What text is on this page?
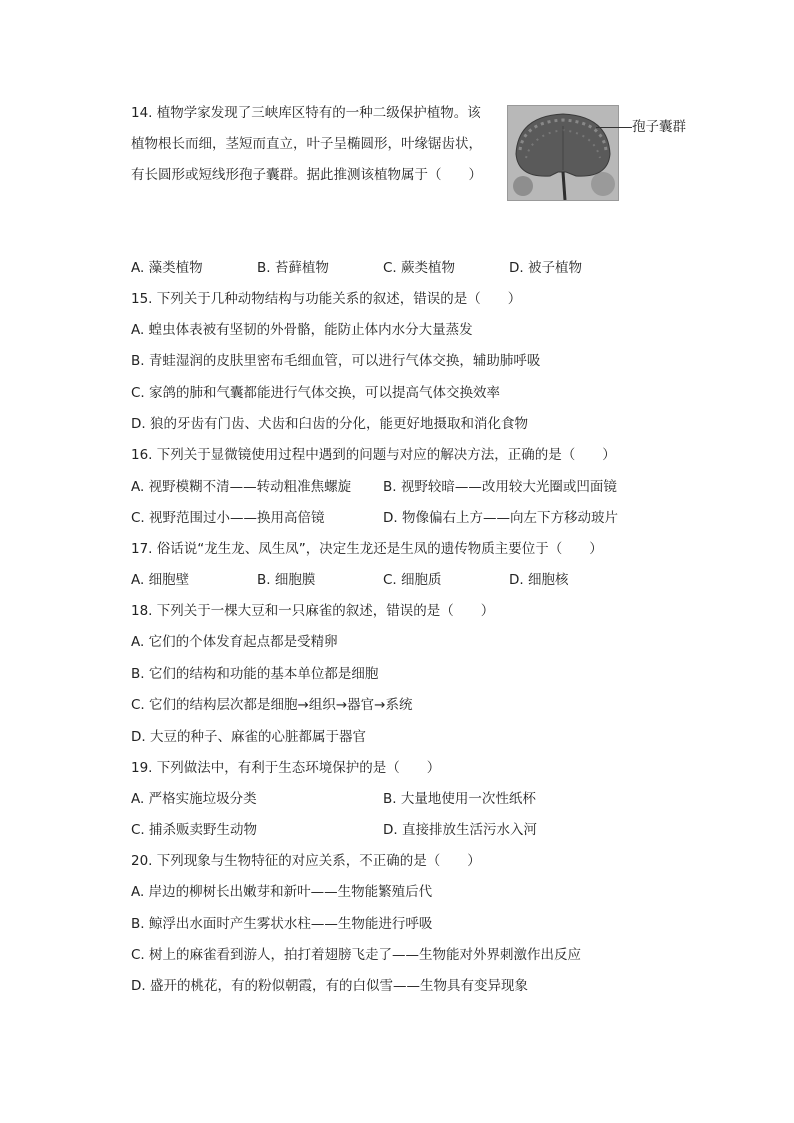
14. 植物学家发现了三峡库区特有的一种二级保护植物。该
植物根长而细，茎短而直立，叶子呈椭圆形，叶缘锯齿状，
有长圆形或短线形孢子囊群。据此推测该植物属于（　　）
孢子囊群
A. 藻类植物	B. 苔藓植物	C. 蕨类植物	D. 被子植物
15. 下列关于几种动物结构与功能关系的叙述，错误的是（　　）
A. 蝗虫体表被有坚韧的外骨骼，能防止体内水分大量蒸发
B. 青蛙湿润的皮肤里密布毛细血管，可以进行气体交换，辅助肺呼吸
C. 家鸽的肺和气囊都能进行气体交换，可以提高气体交换效率
D. 狼的牙齿有门齿、犬齿和臼齿的分化，能更好地摄取和消化食物
16. 下列关于显微镜使用过程中遇到的问题与对应的解决方法，正确的是（　　）
A. 视野模糊不清——转动粗准焦螺旋 B. 视野较暗——改用较大光圈或凹面镜
C. 视野范围过小——换用高倍镜	D. 物像偏右上方——向左下方移动玻片
17. 俗话说“龙生龙、凤生凤”，决定生龙还是生凤的遗传物质主要位于（　　）
A. 细胞壁	B. 细胞膜	C. 细胞质	D. 细胞核
18. 下列关于一棵大豆和一只麻雀的叙述，错误的是（　　）
A. 它们的个体发育起点都是受精卵
B. 它们的结构和功能的基本单位都是细胞
C. 它们的结构层次都是细胞→组织→器官→系统
D. 大豆的种子、麻雀的心脏都属于器官
19. 下列做法中，有利于生态环境保护的是（　　）
A. 严格实施垃圾分类	B. 大量地使用一次性纸杯
C. 捕杀贩卖野生动物	D. 直接排放生活污水入河
20. 下列现象与生物特征的对应关系，不正确的是（　　）
A. 岸边的柳树长出嫩芽和新叶——生物能繁殖后代
B. 鲸浮出水面时产生雾状水柱——生物能进行呼吸
C. 树上的麻雀看到游人，拍打着翅膀飞走了——生物能对外界刺激作出反应
D. 盛开的桃花，有的粉似朝霞，有的白似雪——生物具有变异现象
